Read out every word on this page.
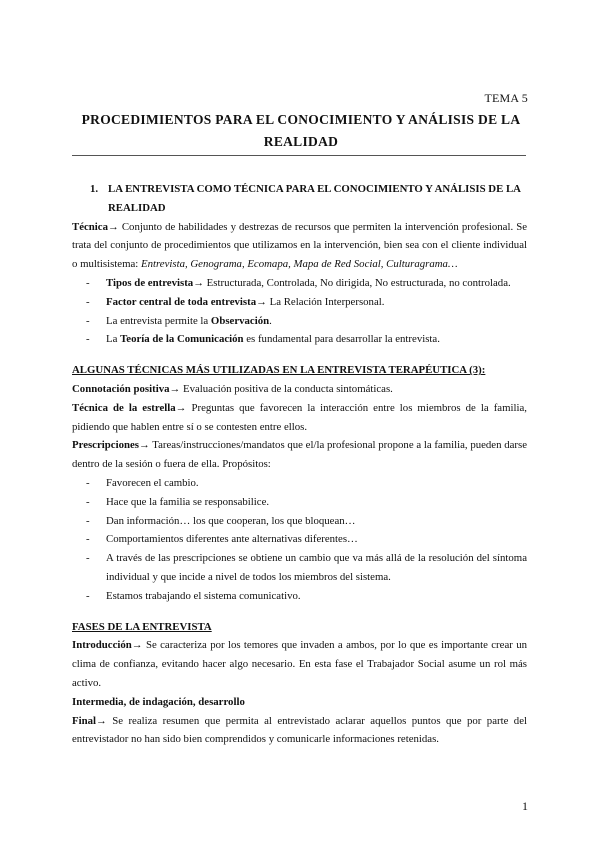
TEMA 5
PROCEDIMIENTOS PARA EL CONOCIMIENTO Y ANÁLISIS DE LA REALIDAD
1. LA ENTREVISTA COMO TÉCNICA PARA EL CONOCIMIENTO Y ANÁLISIS DE LA REALIDAD

Técnica→ Conjunto de habilidades y destrezas de recursos que permiten la intervención profesional. Se trata del conjunto de procedimientos que utilizamos en la intervención, bien sea con el cliente individual o multisistema: Entrevista, Genograma, Ecomapa, Mapa de Red Social, Culturagrama…

-	Tipos de entrevista→ Estructurada, Controlada, No dirigida, No estructurada, no controlada.
-	Factor central de toda entrevista→ La Relación Interpersonal.
-	La entrevista permite la Observación.
-	La Teoría de la Comunicación es fundamental para desarrollar la entrevista.
ALGUNAS TÉCNICAS MÁS UTILIZADAS EN LA ENTREVISTA TERAPÉUTICA (3):

Connotación positiva→ Evaluación positiva de la conducta sintomáticas.

Técnica de la estrella→ Preguntas que favorecen la interacción entre los miembros de la familia, pidiendo que hablen entre sí o se contesten entre ellos.

Prescripciones→ Tareas/instrucciones/mandatos que el/la profesional propone a la familia, pueden darse dentro de la sesión o fuera de ella. Propósitos:

-	Favorecen el cambio.
-	Hace que la familia se responsabilice.
-	Dan información… los que cooperan, los que bloquean…
-	Comportamientos diferentes ante alternativas diferentes…
-	A través de las prescripciones se obtiene un cambio que va más allá de la resolución del síntoma individual y que incide a nivel de todos los miembros del sistema.
-	Estamos trabajando el sistema comunicativo.
FASES DE LA ENTREVISTA

Introducción→ Se caracteriza por los temores que invaden a ambos, por lo que es importante crear un clima de confianza, evitando hacer algo necesario. En esta fase el Trabajador Social asume un rol más activo.

Intermedia, de indagación, desarrollo

Final→ Se realiza resumen que permita al entrevistado aclarar aquellos puntos que por parte del entrevistador no han sido bien comprendidos y comunicarle informaciones retenidas.

1
